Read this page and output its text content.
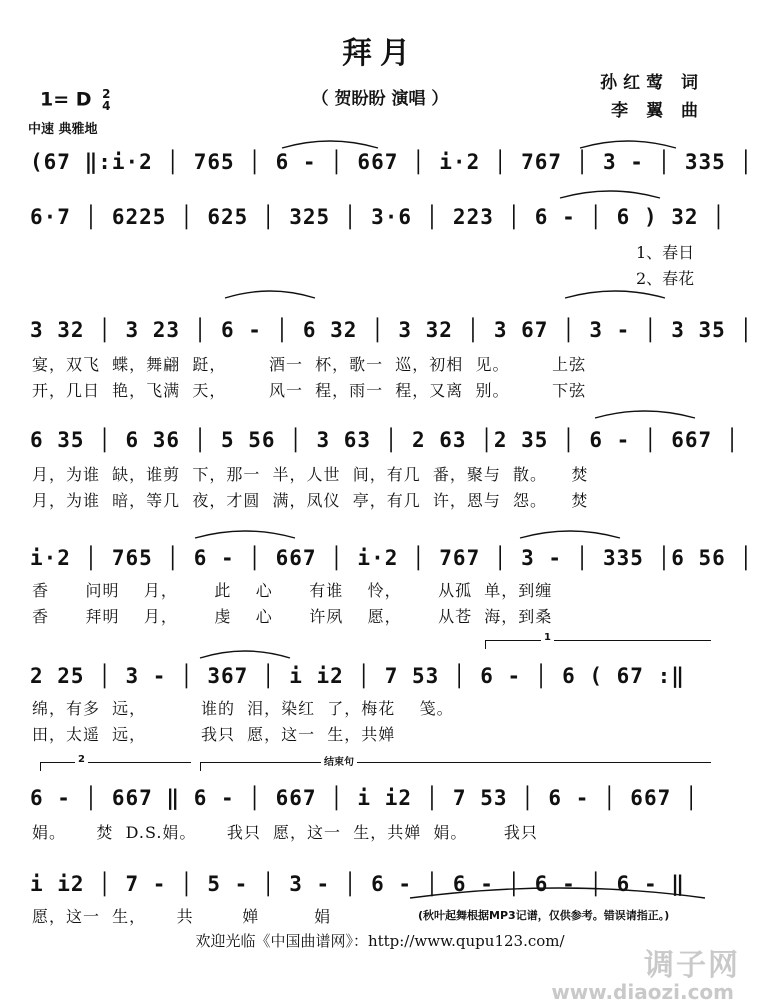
拜月
（ 贺盼盼 演唱 ）
孙红莺 词
李 翼 曲
1= D 2
4
中速 典雅地
(67 ‖:i·2 │ 765 │ 6 - │ 667 │ i·2 │ 767 │ 3 - │ 335 │
6·7 │ 6225 │ 625 │ 325 │ 3·6 │ 223 │ 6 - │ 6 ) 32 │
1、春日
2、春花
3 32 │ 3 23 │ 6 - │ 6 32 │ 3 32 │ 3 67 │ 3 - │ 3 35 │
宴，双飞  蝶，舞翩  跹，       酒一  杯，歌一  巡，初相  见。       上弦
开，几日  艳，飞满  天，       风一  程，雨一  程，又离  别。       下弦
6 35 │ 6 36 │ 5 56 │ 3 63 │ 2 63 │2 35 │ 6 - │ 667 │
月，为谁  缺，谁剪  下，那一  半，人世  间，有几  番，聚与  散。    焚
月，为谁  暗，等几  夜，才圆  满，凤仪  亭，有几  许，恩与  怨。    焚
i·2 │ 765 │ 6 - │ 667 │ i·2 │ 767 │ 3 - │ 335 │6 56 │
香      问明    月，      此    心      有谁    怜，      从孤  单，到缠
香      拜明    月，      虔    心      许夙    愿，      从苍  海，到桑
1
2 25 │ 3 - │ 367 │ i i2 │ 7 53 │ 6 - │ 6 ( 67 :‖
绵，有多  远，         谁的  泪，染红  了，梅花    笺。
田，太遥  远，         我只  愿，这一  生，共婵
2	结束句
6 - │ 667 ‖ 6 - │ 667 │ i i2 │ 7 53 │ 6 - │ 667 │
娟。     焚  D.S.娟。     我只  愿，这一  生，共婵  娟。      我只
i i2 │ 7 - │ 5 - │ 3 - │ 6 - │ 6 - │ 6 - │ 6 - ‖
愿，这一  生，     共        婵         娟	(秋叶起舞根据MP3记谱，仅供参考。错误请指正。)
欢迎光临《中国曲谱网》：http://www.qupu123.com/
调子网
www.diaozi.com
